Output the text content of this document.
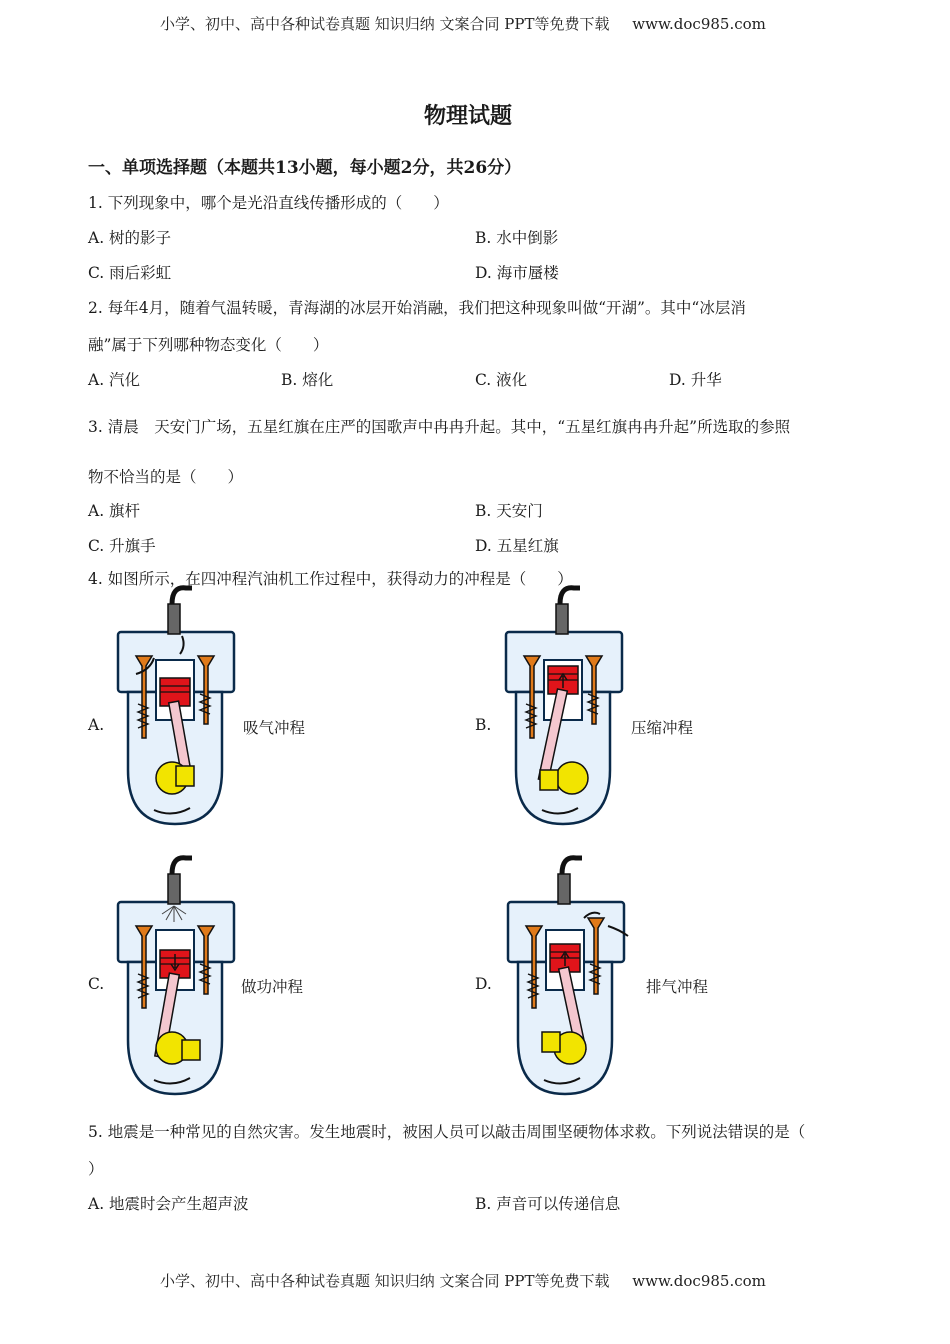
小学、初中、高中各种试卷真题 知识归纳 文案合同 PPT等免费下载 www.doc985.com
物理试题
一、单项选择题（本题共13小题，每小题2分，共26分）
1. 下列现象中，哪个是光沿直线传播形成的（　　）
A. 树的影子	B. 水中倒影
C. 雨后彩虹	D. 海市蜃楼
2. 每年4月，随着气温转暖，青海湖的冰层开始消融，我们把这种现象叫做“开湖”。其中“冰层消
融”属于下列哪种物态变化（　　）
A. 汽化	B. 熔化	C. 液化	D. 升华
3. 清晨　天安门广场，五星红旗在庄严的国歌声中冉冉升起。其中，“五星红旗冉冉升起”所选取的参照
物不恰当的是（　　）
A. 旗杆	B. 天安门
C. 升旗手	D. 五星红旗
4. 如图所示，在四冲程汽油机工作过程中，获得动力的冲程是（　　）
A.	吸气冲程	B.	压缩冲程
C.	做功冲程	D.	排气冲程
5. 地震是一种常见的自然灾害。发生地震时，被困人员可以敲击周围坚硬物体求救。下列说法错误的是（
）
A. 地震时会产生超声波	B. 声音可以传递信息
小学、初中、高中各种试卷真题 知识归纳 文案合同 PPT等免费下载 www.doc985.com
